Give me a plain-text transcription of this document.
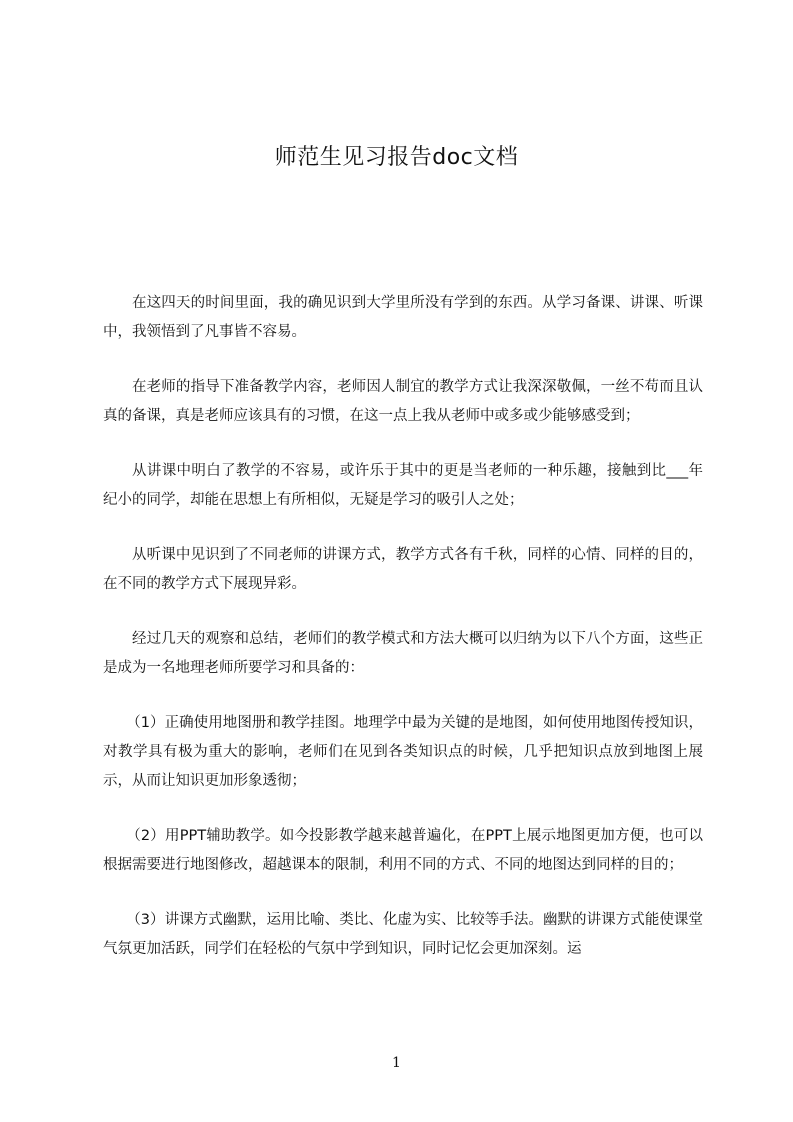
师范生见习报告doc文档

在这四天的时间里面，我的确见识到大学里所没有学到的东西。从学习备课、讲课、听课中，我领悟到了凡事皆不容易。

在老师的指导下准备教学内容，老师因人制宜的教学方式让我深深敬佩，一丝不苟而且认真的备课，真是老师应该具有的习惯，在这一点上我从老师中或多或少能够感受到；

从讲课中明白了教学的不容易，或许乐于其中的更是当老师的一种乐趣，接触到比___年纪小的同学，却能在思想上有所相似，无疑是学习的吸引人之处；

从听课中见识到了不同老师的讲课方式，教学方式各有千秋，同样的心情、同样的目的，在不同的教学方式下展现异彩。

经过几天的观察和总结，老师们的教学模式和方法大概可以归纳为以下八个方面，这些正是成为一名地理老师所要学习和具备的：

（1）正确使用地图册和教学挂图。地理学中最为关键的是地图，如何使用地图传授知识，对教学具有极为重大的影响，老师们在见到各类知识点的时候，几乎把知识点放到地图上展示，从而让知识更加形象透彻；

（2）用PPT辅助教学。如今投影教学越来越普遍化，在PPT上展示地图更加方便，也可以根据需要进行地图修改，超越课本的限制，利用不同的方式、不同的地图达到同样的目的；

（3）讲课方式幽默，运用比喻、类比、化虚为实、比较等手法。幽默的讲课方式能使课堂气氛更加活跃，同学们在轻松的气氛中学到知识，同时记忆会更加深刻。运

1
